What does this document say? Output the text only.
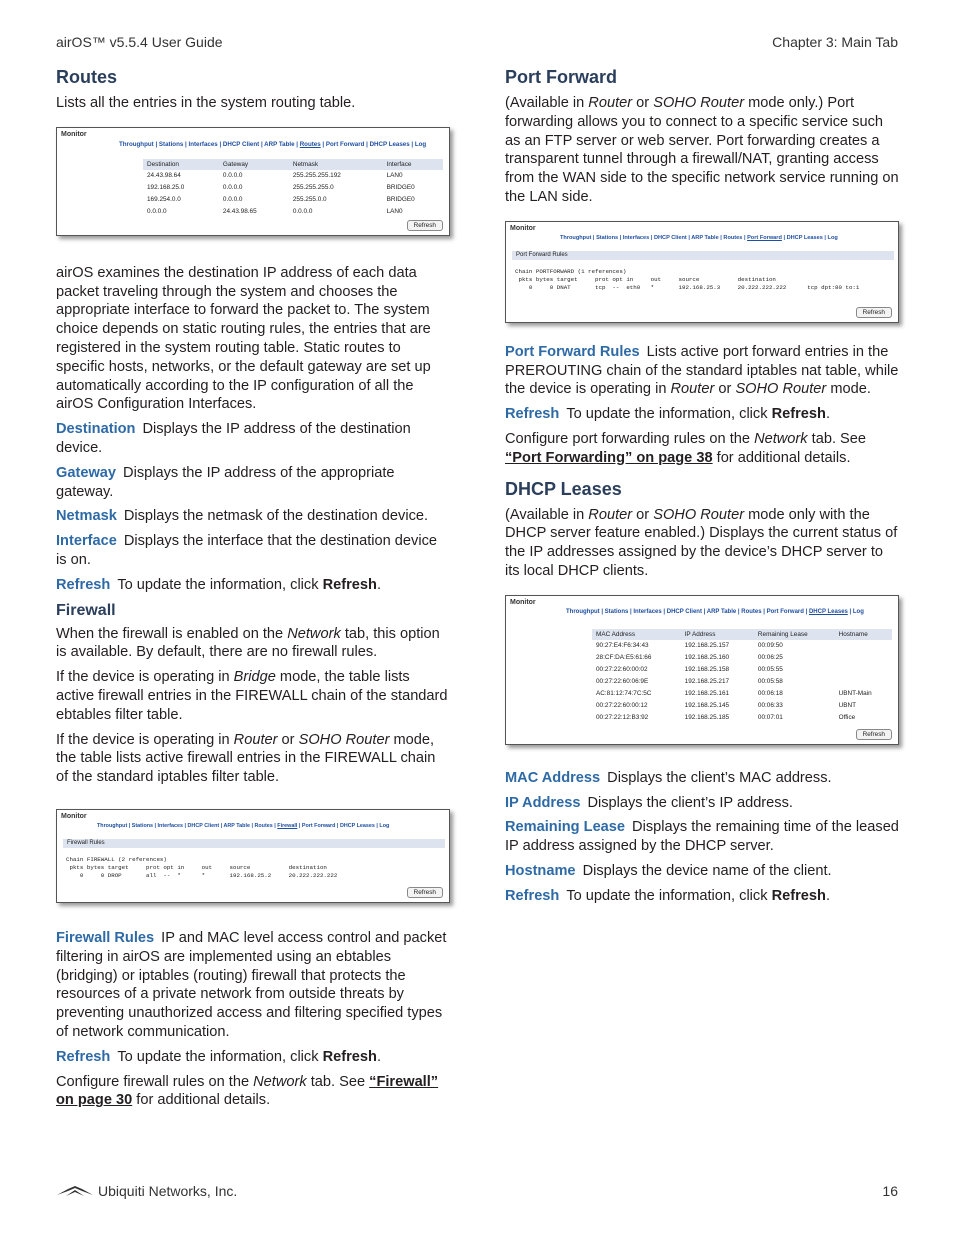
airOS™ v5.5.4 User Guide	Chapter 3: Main Tab
Routes

Lists all the entries in the system routing table.

Monitor
Throughput | Stations | Interfaces | DHCP Client | ARP Table | Routes | Port Forward | DHCP Leases | Log
Destination	Gateway	Netmask	Interface
24.43.98.64	0.0.0.0	255.255.255.192	LAN0
192.168.25.0	0.0.0.0	255.255.255.0	BRIDGE0
169.254.0.0	0.0.0.0	255.255.0.0	BRIDGE0
0.0.0.0	24.43.98.65	0.0.0.0	LAN0
Refresh

airOS examines the destination IP address of each data packet traveling through the system and chooses the appropriate interface to forward the packet to. The system choice depends on static routing rules, the entries that are registered in the system routing table. Static routes to specific hosts, networks, or the default gateway are set up automatically according to the IP configuration of all the airOS Configuration Interfaces.

Destination Displays the IP address of the destination device.

Gateway Displays the IP address of the appropriate gateway.

Netmask Displays the netmask of the destination device.

Interface Displays the interface that the destination device is on.

Refresh To update the information, click Refresh.

Firewall

When the firewall is enabled on the Network tab, this option is available. By default, there are no firewall rules.

If the device is operating in Bridge mode, the table lists active firewall entries in the FIREWALL chain of the standard ebtables filter table.

If the device is operating in Router or SOHO Router mode, the table lists active firewall entries in the FIREWALL chain of the standard iptables filter table.

Monitor
Throughput | Stations | Interfaces | DHCP Client | ARP Table | Routes | Firewall | Port Forward | DHCP Leases | Log
Firewall Rules
Chain FIREWALL (2 references)
pkts bytes target     prot opt in     out     source           destination
0     0 DROP       all  --  *      *       192.168.25.2     20.222.222.222
Refresh

Firewall Rules IP and MAC level access control and packet filtering in airOS are implemented using an ebtables (bridging) or iptables (routing) firewall that protects the resources of a private network from outside threats by preventing unauthorized access and filtering specified types of network communication.

Refresh To update the information, click Refresh.

Configure firewall rules on the Network tab. See “Firewall” on page 30 for additional details.

Port Forward

(Available in Router or SOHO Router mode only.) Port forwarding allows you to connect to a specific service such as an FTP server or web server. Port forwarding creates a transparent tunnel through a firewall/NAT, granting access from the WAN side to the specific network service running on the LAN side.

Monitor
Throughput | Stations | Interfaces | DHCP Client | ARP Table | Routes | Port Forward | DHCP Leases | Log
Port Forward Rules
Chain PORTFORWARD (1 references)
pkts bytes target     prot opt in     out     source           destination
0     0 DNAT       tcp  --  eth0   *       192.168.25.3     20.222.222.222      tcp dpt:80 to:1
Refresh

Port Forward Rules Lists active port forward entries in the PREROUTING chain of the standard iptables nat table, while the device is operating in Router or SOHO Router mode.

Refresh To update the information, click Refresh.

Configure port forwarding rules on the Network tab. See “Port Forwarding” on page 38 for additional details.

DHCP Leases

(Available in Router or SOHO Router mode only with the DHCP server feature enabled.) Displays the current status of the IP addresses assigned by the device’s DHCP server to its local DHCP clients.

Monitor
Throughput | Stations | Interfaces | DHCP Client | ARP Table | Routes | Port Forward | DHCP Leases | Log
MAC Address	IP Address	Remaining Lease	Hostname
90:27:E4:F6:34:43	192.168.25.157	00:09:50	
28:CF:DA:E5:61:66	192.168.25.160	00:06:25	
00:27:22:60:00:02	192.168.25.158	00:05:55	
00:27:22:60:06:9E	192.168.25.217	00:05:58	
AC:81:12:74:7C:5C	192.168.25.161	00:06:18	UBNT-Main
00:27:22:60:00:12	192.168.25.145	00:06:33	UBNT
00:27:22:12:B3:92	192.168.25.185	00:07:01	Office
Refresh

MAC Address Displays the client’s MAC address.

IP Address Displays the client’s IP address.

Remaining Lease Displays the remaining time of the leased IP address assigned by the DHCP server.

Hostname Displays the device name of the client.

Refresh To update the information, click Refresh.

Ubiquiti Networks, Inc.	16
